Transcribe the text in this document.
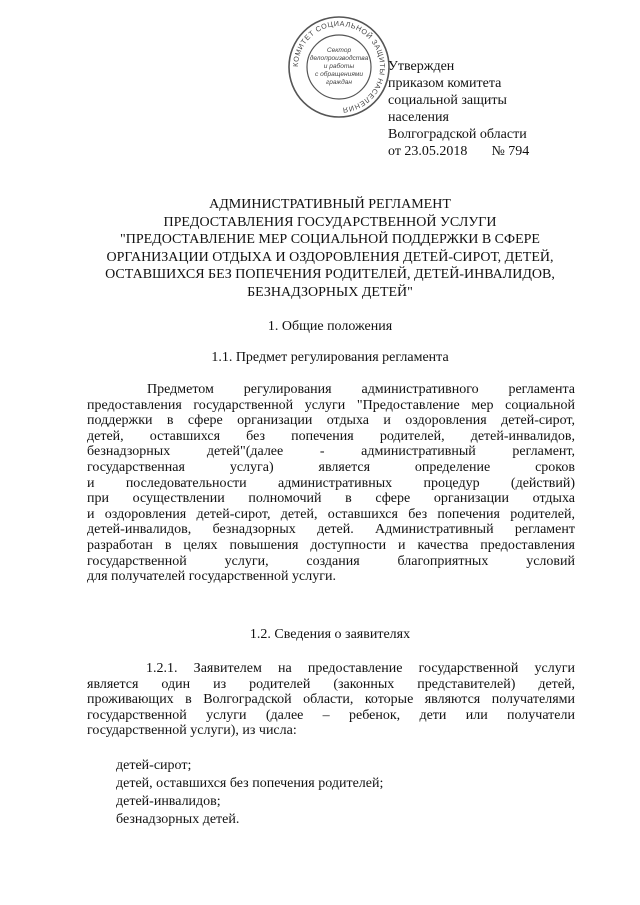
КОМИТЕТ СОЦИАЛЬНОЙ ЗАЩИТЫ НАСЕЛЕНИЯ
Сектор
делопроизводства
и работы
с обращениями
граждан
Утвержден
приказом комитета
социальной защиты
населения
Волгоградской области
от 23.05.2018 № 794
АДМИНИСТРАТИВНЫЙ РЕГЛАМЕНТ
ПРЕДОСТАВЛЕНИЯ ГОСУДАРСТВЕННОЙ УСЛУГИ
"ПРЕДОСТАВЛЕНИЕ МЕР СОЦИАЛЬНОЙ ПОДДЕРЖКИ В СФЕРЕ
ОРГАНИЗАЦИИ ОТДЫХА И ОЗДОРОВЛЕНИЯ ДЕТЕЙ-СИРОТ, ДЕТЕЙ,
ОСТАВШИХСЯ БЕЗ ПОПЕЧЕНИЯ РОДИТЕЛЕЙ, ДЕТЕЙ-ИНВАЛИДОВ,
БЕЗНАДЗОРНЫХ ДЕТЕЙ"
1. Общие положения
1.1. Предмет регулирования регламента
Предметом регулирования административного регламента
предоставления государственной услуги "Предоставление мер социальной
поддержки в сфере организации отдыха и оздоровления детей-сирот,
детей, оставшихся без попечения родителей, детей-инвалидов,
безнадзорных детей"(далее - административный регламент,
государственная услуга) является определение сроков
и последовательности административных процедур (действий)
при осуществлении полномочий в сфере организации отдыха
и оздоровления детей-сирот, детей, оставшихся без попечения родителей,
детей-инвалидов, безнадзорных детей. Административный регламент
разработан в целях повышения доступности и качества предоставления
государственной услуги, создания благоприятных условий
для получателей государственной услуги.
1.2. Сведения о заявителях
1.2.1. Заявителем на предоставление государственной услуги
является один из родителей (законных представителей) детей,
проживающих в Волгоградской области, которые являются получателями
государственной услуги (далее – ребенок, дети или получатели
государственной услуги), из числа:
детей-сирот;
детей, оставшихся без попечения родителей;
детей-инвалидов;
безнадзорных детей.
